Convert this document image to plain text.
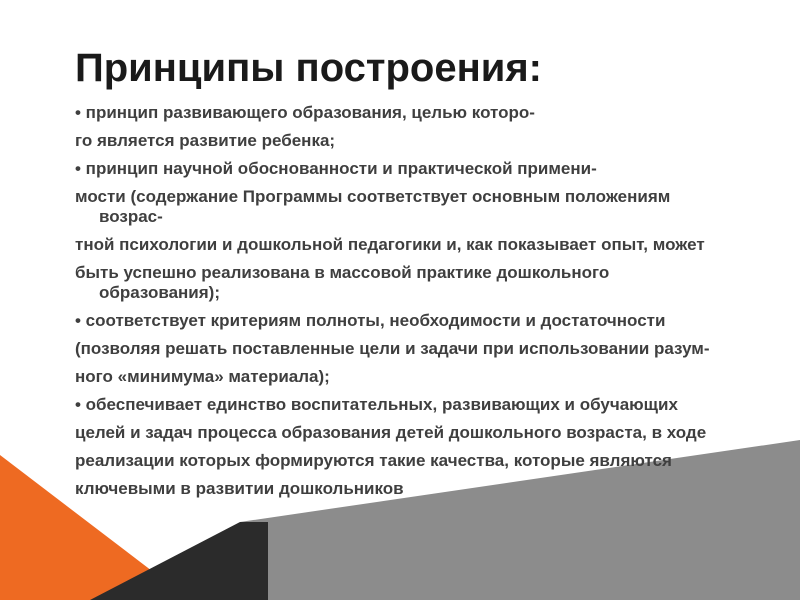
Принципы построения:
• принцип развивающего образования, целью которо-
го является развитие ребенка;
• принцип научной обоснованности и практической примени-
мости (содержание Программы соответствует основным положениям возрас-
тной психологии и дошкольной педагогики и, как показывает опыт, может
быть успешно реализована в массовой практике дошкольного образования);
• соответствует критериям полноты, необходимости и достаточности
(позволяя решать поставленные цели и задачи при использовании разум-
ного «минимума» материала);
• обеспечивает единство воспитательных, развивающих и обучающих
целей и задач процесса образования детей дошкольного возраста, в ходе
реализации которых формируются такие качества, которые являются
ключевыми в развитии дошкольников
